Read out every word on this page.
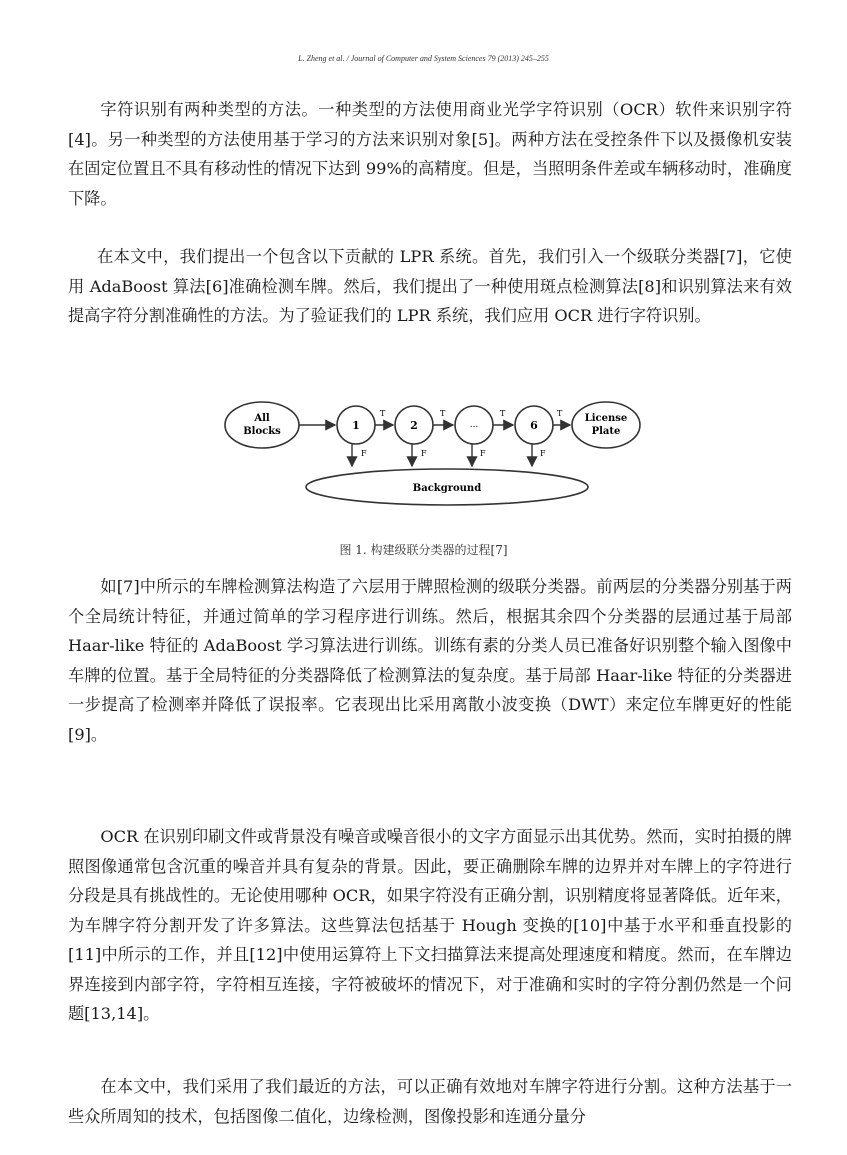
L. Zheng et al. / Journal of Computer and System Sciences 79 (2013) 245–255

字符识别有两种类型的方法。一种类型的方法使用商业光学字符识别（OCR）软件来识别字符[4]。另一种类型的方法使用基于学习的方法来识别对象[5]。两种方法在受控条件下以及摄像机安装在固定位置且不具有移动性的情况下达到 99%的高精度。但是，当照明条件差或车辆移动时，准确度下降。

在本文中，我们提出一个包含以下贡献的 LPR 系统。首先，我们引入一个级联分类器[7]，它使用 AdaBoost 算法[6]准确检测车牌。然后，我们提出了一种使用斑点检测算法[8]和识别算法来有效提高字符分割准确性的方法。为了验证我们的 LPR 系统，我们应用 OCR 进行字符识别。

All
Blocks	1	2	...	6
License
Plate
T	T	T	T
F	F	F	F
Background
图 1. 构建级联分类器的过程[7]

如[7]中所示的车牌检测算法构造了六层用于牌照检测的级联分类器。前两层的分类器分别基于两个全局统计特征，并通过简单的学习程序进行训练。然后，根据其余四个分类器的层通过基于局部 Haar-like 特征的 AdaBoost 学习算法进行训练。训练有素的分类人员已准备好识别整个输入图像中车牌的位置。基于全局特征的分类器降低了检测算法的复杂度。基于局部 Haar-like 特征的分类器进一步提高了检测率并降低了误报率。它表现出比采用离散小波变换（DWT）来定位车牌更好的性能[9]。

OCR 在识别印刷文件或背景没有噪音或噪音很小的文字方面显示出其优势。然而，实时拍摄的牌照图像通常包含沉重的噪音并具有复杂的背景。因此，要正确删除车牌的边界并对车牌上的字符进行分段是具有挑战性的。无论使用哪种 OCR，如果字符没有正确分割，识别精度将显著降低。近年来，为车牌字符分割开发了许多算法。这些算法包括基于 Hough 变换的[10]中基于水平和垂直投影的[11]中所示的工作，并且[12]中使用运算符上下文扫描算法来提高处理速度和精度。然而，在车牌边界连接到内部字符，字符相互连接，字符被破坏的情况下，对于准确和实时的字符分割仍然是一个问题[13,14]。

在本文中，我们采用了我们最近的方法，可以正确有效地对车牌字符进行分割。这种方法基于一些众所周知的技术，包括图像二值化，边缘检测，图像投影和连通分量分
